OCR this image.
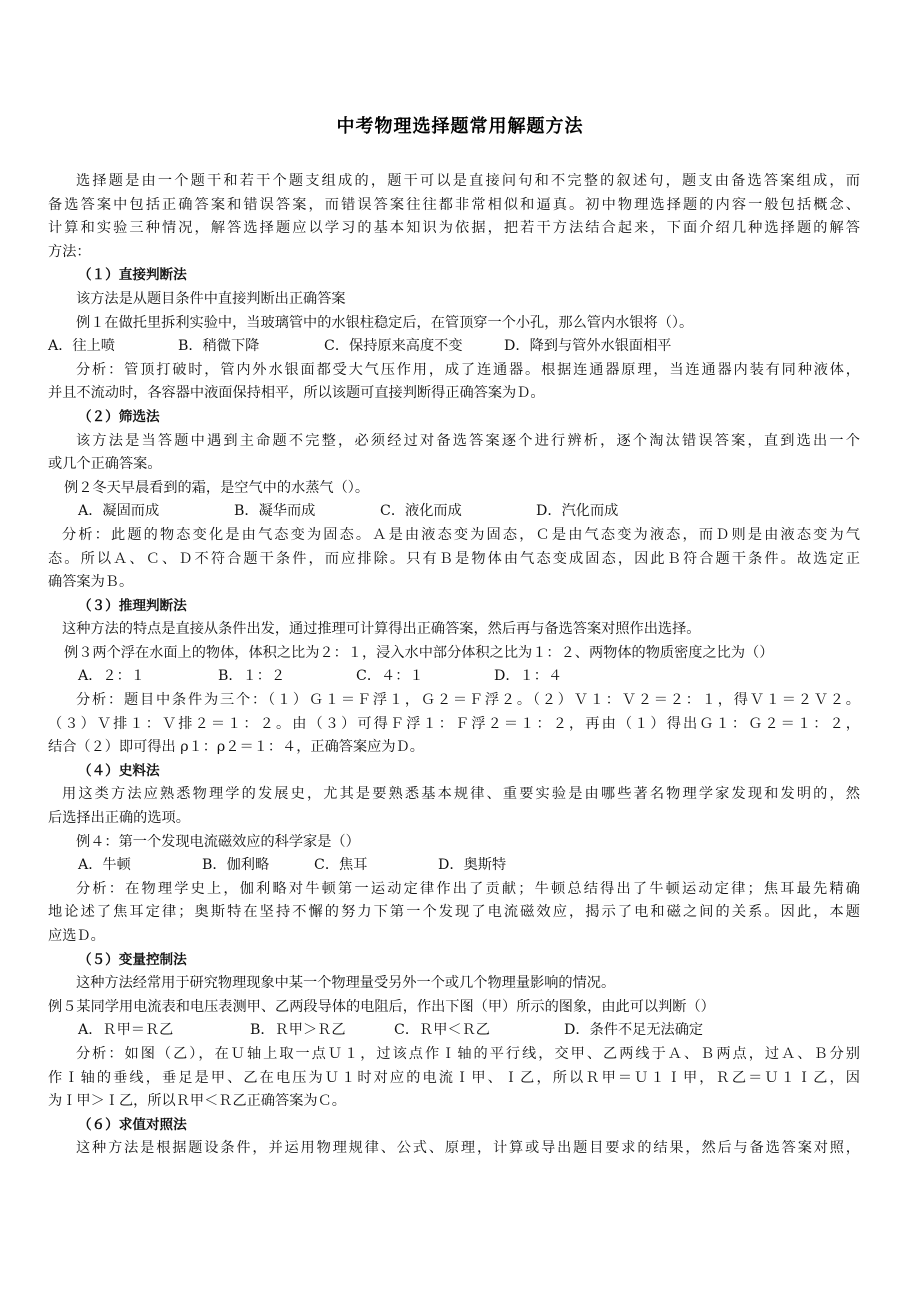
中考物理选择题常用解题方法
选择题是由一个题干和若干个题支组成的，题干可以是直接问句和不完整的叙述句，题支由备选答案组成，而
备选答案中包括正确答案和错误答案，而错误答案往往都非常相似和逼真。初中物理选择题的内容一般包括概念、
计算和实验三种情况，解答选择题应以学习的基本知识为依据，把若干方法结合起来，下面介绍几种选择题的解答
方法：
（１）直接判断法
该方法是从题目条件中直接判断出正确答案
例１在做托里拆利实验中，当玻璃管中的水银柱稳定后，在管顶穿一个小孔，那么管内水银将（）。
A．往上喷	B．稍微下降	C．保持原来高度不变	D．降到与管外水银面相平
分析：管顶打破时，管内外水银面都受大气压作用，成了连通器。根据连通器原理，当连通器内装有同种液体，
并且不流动时，各容器中液面保持相平，所以该题可直接判断得正确答案为Ｄ。
（２）筛选法
该方法是当答题中遇到主命题不完整，必须经过对备选答案逐个进行辨析，逐个淘汰错误答案，直到选出一个
或几个正确答案。
例２冬天早晨看到的霜，是空气中的水蒸气（）。
A．凝固而成	B．凝华而成	C．液化而成	D．汽化而成
分析：此题的物态变化是由气态变为固态。Ａ是由液态变为固态，Ｃ是由气态变为液态，而Ｄ则是由液态变为气
态。所以Ａ、Ｃ、Ｄ不符合题干条件，而应排除。只有Ｂ是物体由气态变成固态，因此Ｂ符合题干条件。故选定正
确答案为Ｂ。
（３）推理判断法
这种方法的特点是直接从条件出发，通过推理可计算得出正确答案，然后再与备选答案对照作出选择。
例３两个浮在水面上的物体，体积之比为２：１，浸入水中部分体积之比为１：２、两物体的物质密度之比为（）
A．２：１	B．１：２	C．４：１	D．１：４
分析：题目中条件为三个：（１）Ｇ１＝Ｆ浮１，Ｇ２＝Ｆ浮２。（２）Ｖ１：Ｖ２＝２：１，得Ｖ１＝２Ｖ２。
（３）Ｖ排１：Ｖ排２＝１：２。由（３）可得Ｆ浮１：Ｆ浮２＝１：２，再由（１）得出Ｇ１：Ｇ２＝１：２，
结合（２）即可得出 ρ１：ρ２＝１：４，正确答案应为Ｄ。
（４）史料法
用这类方法应熟悉物理学的发展史，尤其是要熟悉基本规律、重要实验是由哪些著名物理学家发现和发明的，然
后选择出正确的选项。
例４：第一个发现电流磁效应的科学家是（）
A．牛顿	B．伽利略	C．焦耳	D．奥斯特
分析：在物理学史上，伽利略对牛顿第一运动定律作出了贡献；牛顿总结得出了牛顿运动定律；焦耳最先精确
地论述了焦耳定律；奥斯特在坚持不懈的努力下第一个发现了电流磁效应，揭示了电和磁之间的关系。因此，本题
应选Ｄ。
（５）变量控制法
这种方法经常用于研究物理现象中某一个物理量受另外一个或几个物理量影响的情况。
例５某同学用电流表和电压表测甲、乙两段导体的电阻后，作出下图（甲）所示的图象，由此可以判断（）
A．Ｒ甲＝Ｒ乙	B．Ｒ甲＞Ｒ乙	C．Ｒ甲＜Ｒ乙	D．条件不足无法确定
分析：如图（乙），在Ｕ轴上取一点Ｕ１，过该点作Ｉ轴的平行线，交甲、乙两线于Ａ、Ｂ两点，过Ａ、Ｂ分别
作Ｉ轴的垂线，垂足是甲、乙在电压为Ｕ１时对应的电流Ｉ甲、Ｉ乙，所以Ｒ甲＝Ｕ１Ｉ甲，Ｒ乙＝Ｕ１Ｉ乙，因
为Ｉ甲＞Ｉ乙，所以Ｒ甲＜Ｒ乙正确答案为Ｃ。
（６）求值对照法
这种方法是根据题设条件，并运用物理规律、公式、原理，计算或导出题目要求的结果，然后与备选答案对照，
